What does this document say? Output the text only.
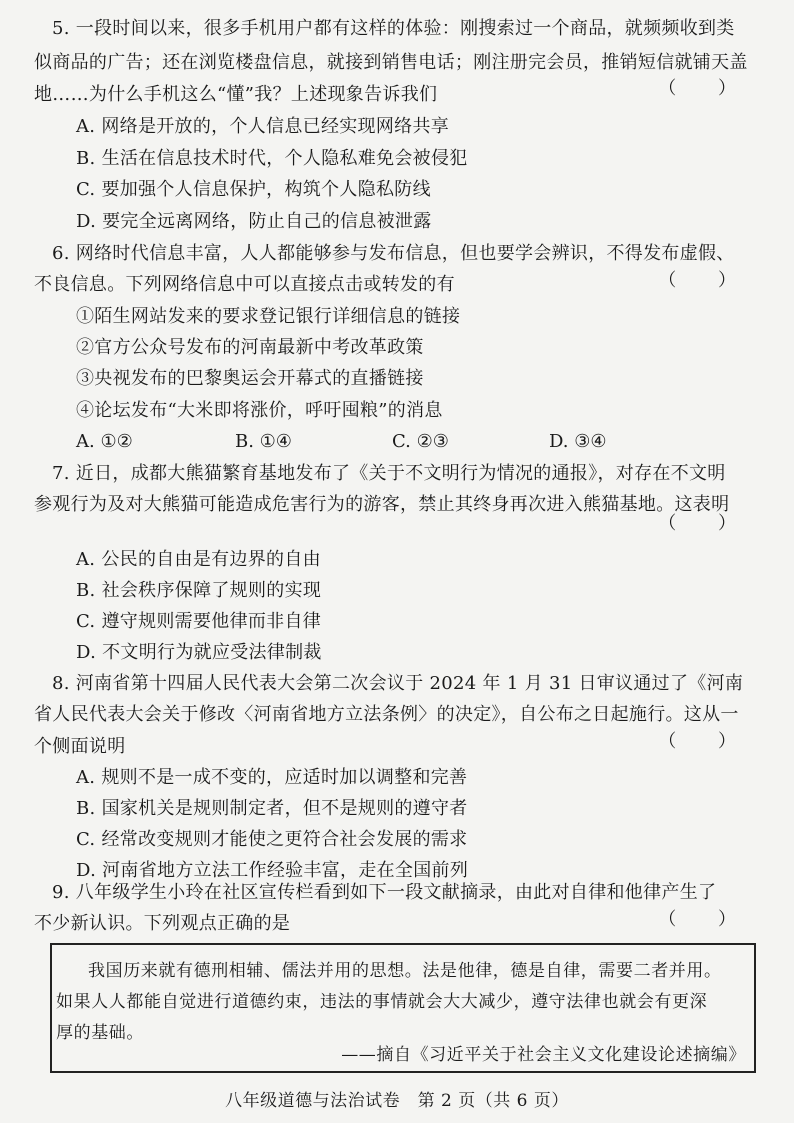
5. 一段时间以来，很多手机用户都有这样的体验：刚搜索过一个商品，就频频收到类
似商品的广告；还在浏览楼盘信息，就接到销售电话；刚注册完会员，推销短信就铺天盖
地……为什么手机这么“懂”我？上述现象告诉我们	（ ）
A. 网络是开放的，个人信息已经实现网络共享
B. 生活在信息技术时代，个人隐私难免会被侵犯
C. 要加强个人信息保护，构筑个人隐私防线
D. 要完全远离网络，防止自己的信息被泄露
6. 网络时代信息丰富，人人都能够参与发布信息，但也要学会辨识，不得发布虚假、
不良信息。下列网络信息中可以直接点击或转发的有	（ ）
①陌生网站发来的要求登记银行详细信息的链接
②官方公众号发布的河南最新中考改革政策
③央视发布的巴黎奥运会开幕式的直播链接
④论坛发布“大米即将涨价，呼吁囤粮”的消息
A. ①②	B. ①④	C. ②③	D. ③④
7. 近日，成都大熊猫繁育基地发布了《关于不文明行为情况的通报》，对存在不文明
参观行为及对大熊猫可能造成危害行为的游客，禁止其终身再次进入熊猫基地。这表明
（ ）
A. 公民的自由是有边界的自由
B. 社会秩序保障了规则的实现
C. 遵守规则需要他律而非自律
D. 不文明行为就应受法律制裁
8. 河南省第十四届人民代表大会第二次会议于 2024 年 1 月 31 日审议通过了《河南
省人民代表大会关于修改〈河南省地方立法条例〉的决定》，自公布之日起施行。这从一
个侧面说明	（ ）
A. 规则不是一成不变的，应适时加以调整和完善
B. 国家机关是规则制定者，但不是规则的遵守者
C. 经常改变规则才能使之更符合社会发展的需求
D. 河南省地方立法工作经验丰富，走在全国前列
9. 八年级学生小玲在社区宣传栏看到如下一段文献摘录，由此对自律和他律产生了
不少新认识。下列观点正确的是	（ ）
我国历来就有德刑相辅、儒法并用的思想。法是他律，德是自律，需要二者并用。
如果人人都能自觉进行道德约束，违法的事情就会大大减少，遵守法律也就会有更深
厚的基础。
——摘自《习近平关于社会主义文化建设论述摘编》
八年级道德与法治试卷　第 2 页（共 6 页）
